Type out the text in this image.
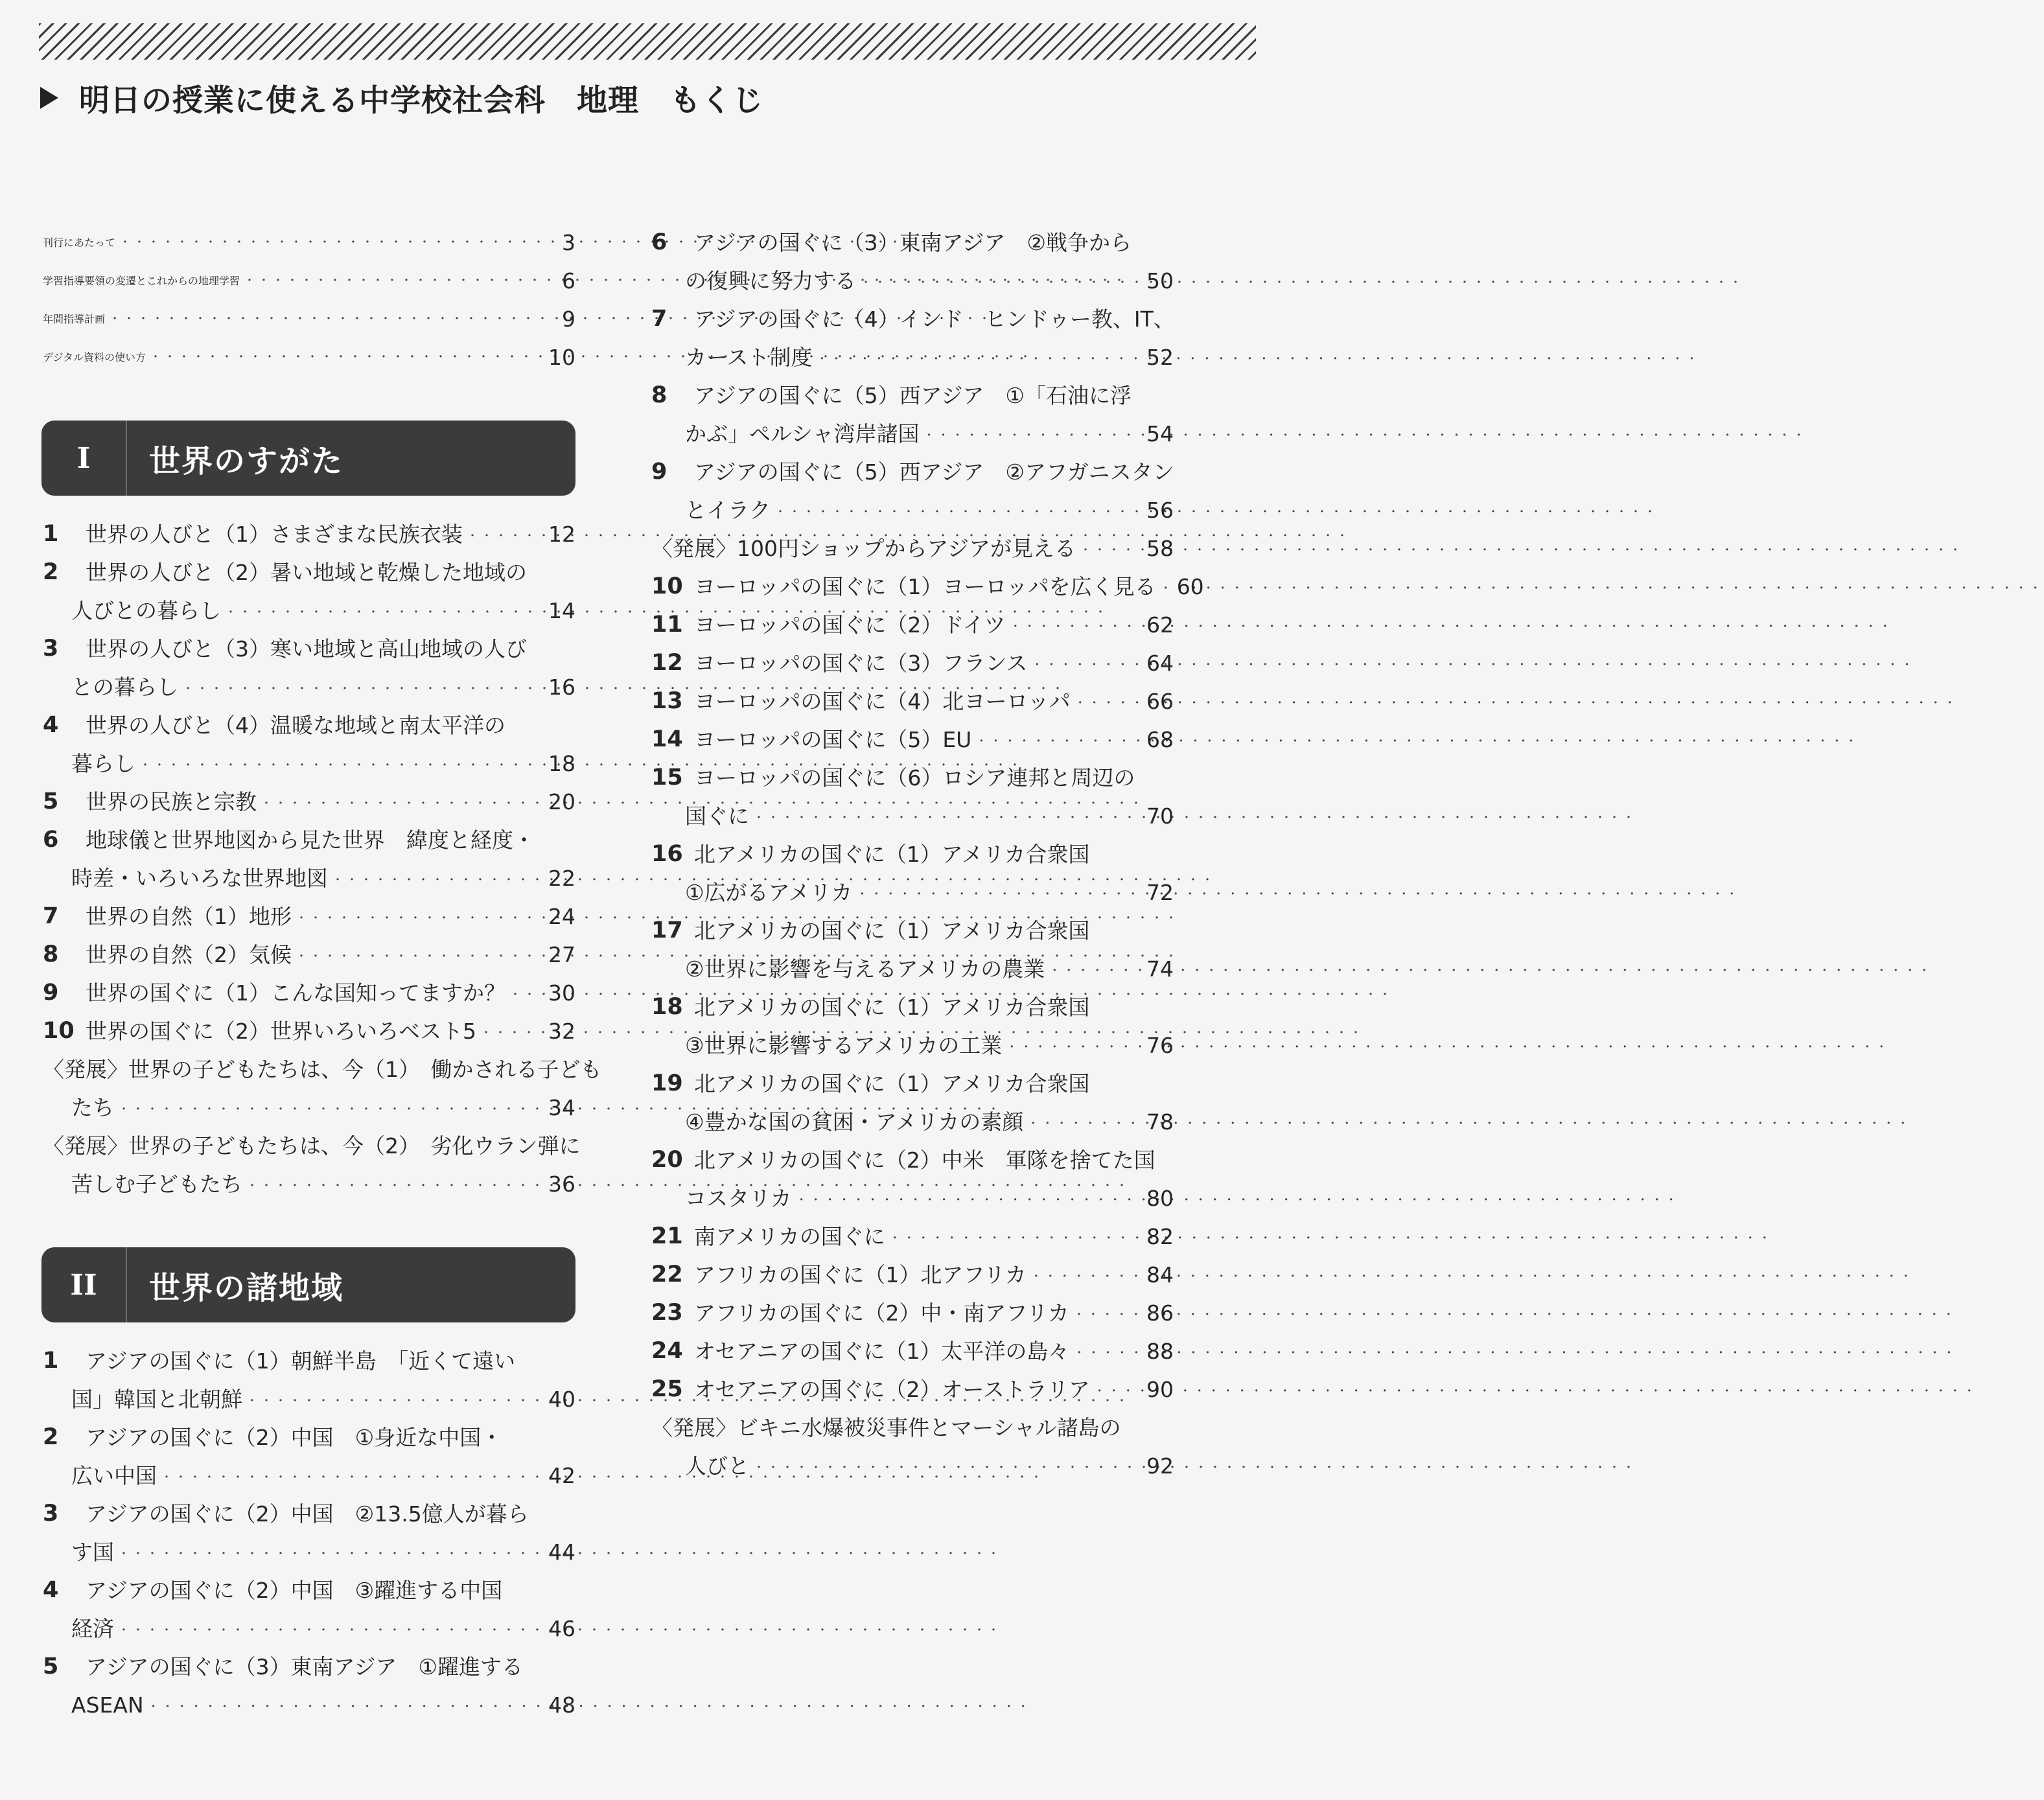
明日の授業に使える中学校社会科　地理　もくじ
刊行にあたって ・・・・・・・・・・・・・・・・・・・・・・・・・・・・・・・・・・・・・・・・・・・・・・・・・・・・・・・・・・・・・・	3
学習指導要領の変遷とこれからの地理学習 ・・・・・・・・・・・・・・・・・・・・・・・・・・・・・・・・・・・・・・・・・・・・・・・・・・・・・・・・・・・・・・	6
年間指導計画 ・・・・・・・・・・・・・・・・・・・・・・・・・・・・・・・・・・・・・・・・・・・・・・・・・・・・・・・・・・・・・・	9
デジタル資料の使い方 ・・・・・・・・・・・・・・・・・・・・・・・・・・・・・・・・・・・・・・・・・・・・・・・・・・・・・・・・・・・・・・	10
I	世界のすがた
1	世界の人びと（1）さまざまな民族衣装 ・・・・・・・・・・・・・・・・・・・・・・・・・・・・・・・・・・・・・・・・・・・・・・・・・・・・・・・・・・・・・・	12
2	世界の人びと（2）暑い地域と乾燥した地域の
人びとの暮らし ・・・・・・・・・・・・・・・・・・・・・・・・・・・・・・・・・・・・・・・・・・・・・・・・・・・・・・・・・・・・・・	14
3	世界の人びと（3）寒い地域と高山地域の人び
との暮らし ・・・・・・・・・・・・・・・・・・・・・・・・・・・・・・・・・・・・・・・・・・・・・・・・・・・・・・・・・・・・・・	16
4	世界の人びと（4）温暖な地域と南太平洋の
暮らし ・・・・・・・・・・・・・・・・・・・・・・・・・・・・・・・・・・・・・・・・・・・・・・・・・・・・・・・・・・・・・・	18
5	世界の民族と宗教 ・・・・・・・・・・・・・・・・・・・・・・・・・・・・・・・・・・・・・・・・・・・・・・・・・・・・・・・・・・・・・・	20
6	地球儀と世界地図から見た世界　緯度と経度・
時差・いろいろな世界地図 ・・・・・・・・・・・・・・・・・・・・・・・・・・・・・・・・・・・・・・・・・・・・・・・・・・・・・・・・・・・・・・	22
7	世界の自然（1）地形 ・・・・・・・・・・・・・・・・・・・・・・・・・・・・・・・・・・・・・・・・・・・・・・・・・・・・・・・・・・・・・・	24
8	世界の自然（2）気候 ・・・・・・・・・・・・・・・・・・・・・・・・・・・・・・・・・・・・・・・・・・・・・・・・・・・・・・・・・・・・・・	27
9	世界の国ぐに（1）こんな国知ってますか？ ・・・・・・・・・・・・・・・・・・・・・・・・・・・・・・・・・・・・・・・・・・・・・・・・・・・・・・・・・・・・・・ 30
10 世界の国ぐに（2）世界いろいろベスト5 ・・・・・・・・・・・・・・・・・・・・・・・・・・・・・・・・・・・・・・・・・・・・・・・・・・・・・・・・・・・・・・	32
〈発展〉世界の子どもたちは、今（1）　働かされる子ども
たち ・・・・・・・・・・・・・・・・・・・・・・・・・・・・・・・・・・・・・・・・・・・・・・・・・・・・・・・・・・・・・・	34
〈発展〉世界の子どもたちは、今（2）　劣化ウラン弾に
苦しむ子どもたち ・・・・・・・・・・・・・・・・・・・・・・・・・・・・・・・・・・・・・・・・・・・・・・・・・・・・・・・・・・・・・・	36
II	世界の諸地域
1	アジアの国ぐに（1）朝鮮半島　「近くて遠い
国」韓国と北朝鮮 ・・・・・・・・・・・・・・・・・・・・・・・・・・・・・・・・・・・・・・・・・・・・・・・・・・・・・・・・・・・・・・	40
2	アジアの国ぐに（2）中国　①身近な中国・
広い中国 ・・・・・・・・・・・・・・・・・・・・・・・・・・・・・・・・・・・・・・・・・・・・・・・・・・・・・・・・・・・・・・	42
3	アジアの国ぐに（2）中国　②13.5億人が暮ら
す国 ・・・・・・・・・・・・・・・・・・・・・・・・・・・・・・・・・・・・・・・・・・・・・・・・・・・・・・・・・・・・・・	44
4	アジアの国ぐに（2）中国　③躍進する中国
経済 ・・・・・・・・・・・・・・・・・・・・・・・・・・・・・・・・・・・・・・・・・・・・・・・・・・・・・・・・・・・・・・	46
5	アジアの国ぐに（3）東南アジア　①躍進する
ASEAN ・・・・・・・・・・・・・・・・・・・・・・・・・・・・・・・・・・・・・・・・・・・・・・・・・・・・・・・・・・・・・・	48
6	アジアの国ぐに（3）東南アジア　②戦争から
の復興に努力する ・・・・・・・・・・・・・・・・・・・・・・・・・・・・・・・・・・・・・・・・・・・・・・・・・・・・・・・・・・・・・・	50
7	アジアの国ぐに（4）インド　ヒンドゥー教、IT、
カースト制度 ・・・・・・・・・・・・・・・・・・・・・・・・・・・・・・・・・・・・・・・・・・・・・・・・・・・・・・・・・・・・・・	52
8	アジアの国ぐに（5）西アジア　①「石油に浮
かぶ」ペルシャ湾岸諸国 ・・・・・・・・・・・・・・・・・・・・・・・・・・・・・・・・・・・・・・・・・・・・・・・・・・・・・・・・・・・・・・	54
9	アジアの国ぐに（5）西アジア　②アフガニスタン
とイラク ・・・・・・・・・・・・・・・・・・・・・・・・・・・・・・・・・・・・・・・・・・・・・・・・・・・・・・・・・・・・・・	56
〈発展〉100円ショップからアジアが見える ・・・・・・・・・・・・・・・・・・・・・・・・・・・・・・・・・・・・・・・・・・・・・・・・・・・・・・・・・・・・・・	58
10 ヨーロッパの国ぐに（1）ヨーロッパを広く見る ・・・・・・・・・・・・・・・・・・・・・・・・・・・・・・・・・・・・・・・・・・・・・・・・・・・・・・・・・・・・・・ 60
11 ヨーロッパの国ぐに（2）ドイツ ・・・・・・・・・・・・・・・・・・・・・・・・・・・・・・・・・・・・・・・・・・・・・・・・・・・・・・・・・・・・・・	62
12 ヨーロッパの国ぐに（3）フランス ・・・・・・・・・・・・・・・・・・・・・・・・・・・・・・・・・・・・・・・・・・・・・・・・・・・・・・・・・・・・・・	64
13 ヨーロッパの国ぐに（4）北ヨーロッパ ・・・・・・・・・・・・・・・・・・・・・・・・・・・・・・・・・・・・・・・・・・・・・・・・・・・・・・・・・・・・・・	66
14 ヨーロッパの国ぐに（5）EU ・・・・・・・・・・・・・・・・・・・・・・・・・・・・・・・・・・・・・・・・・・・・・・・・・・・・・・・・・・・・・・	68
15 ヨーロッパの国ぐに（6）ロシア連邦と周辺の
国ぐに ・・・・・・・・・・・・・・・・・・・・・・・・・・・・・・・・・・・・・・・・・・・・・・・・・・・・・・・・・・・・・・	70
16 北アメリカの国ぐに（1）アメリカ合衆国
①広がるアメリカ ・・・・・・・・・・・・・・・・・・・・・・・・・・・・・・・・・・・・・・・・・・・・・・・・・・・・・・・・・・・・・・	72
17 北アメリカの国ぐに（1）アメリカ合衆国
②世界に影響を与えるアメリカの農業 ・・・・・・・・・・・・・・・・・・・・・・・・・・・・・・・・・・・・・・・・・・・・・・・・・・・・・・・・・・・・・・	74
18 北アメリカの国ぐに（1）アメリカ合衆国
③世界に影響するアメリカの工業 ・・・・・・・・・・・・・・・・・・・・・・・・・・・・・・・・・・・・・・・・・・・・・・・・・・・・・・・・・・・・・・	76
19 北アメリカの国ぐに（1）アメリカ合衆国
④豊かな国の貧困・アメリカの素顔 ・・・・・・・・・・・・・・・・・・・・・・・・・・・・・・・・・・・・・・・・・・・・・・・・・・・・・・・・・・・・・・	78
20 北アメリカの国ぐに（2）中米　軍隊を捨てた国
コスタリカ ・・・・・・・・・・・・・・・・・・・・・・・・・・・・・・・・・・・・・・・・・・・・・・・・・・・・・・・・・・・・・・	80
21 南アメリカの国ぐに ・・・・・・・・・・・・・・・・・・・・・・・・・・・・・・・・・・・・・・・・・・・・・・・・・・・・・・・・・・・・・・	82
22 アフリカの国ぐに（1）北アフリカ ・・・・・・・・・・・・・・・・・・・・・・・・・・・・・・・・・・・・・・・・・・・・・・・・・・・・・・・・・・・・・・	84
23 アフリカの国ぐに（2）中・南アフリカ ・・・・・・・・・・・・・・・・・・・・・・・・・・・・・・・・・・・・・・・・・・・・・・・・・・・・・・・・・・・・・・	86
24 オセアニアの国ぐに（1）太平洋の島々 ・・・・・・・・・・・・・・・・・・・・・・・・・・・・・・・・・・・・・・・・・・・・・・・・・・・・・・・・・・・・・・	88
25 オセアニアの国ぐに（2）オーストラリア ・・・・・・・・・・・・・・・・・・・・・・・・・・・・・・・・・・・・・・・・・・・・・・・・・・・・・・・・・・・・・・	90
〈発展〉ビキニ水爆被災事件とマーシャル諸島の
人びと ・・・・・・・・・・・・・・・・・・・・・・・・・・・・・・・・・・・・・・・・・・・・・・・・・・・・・・・・・・・・・・	92
